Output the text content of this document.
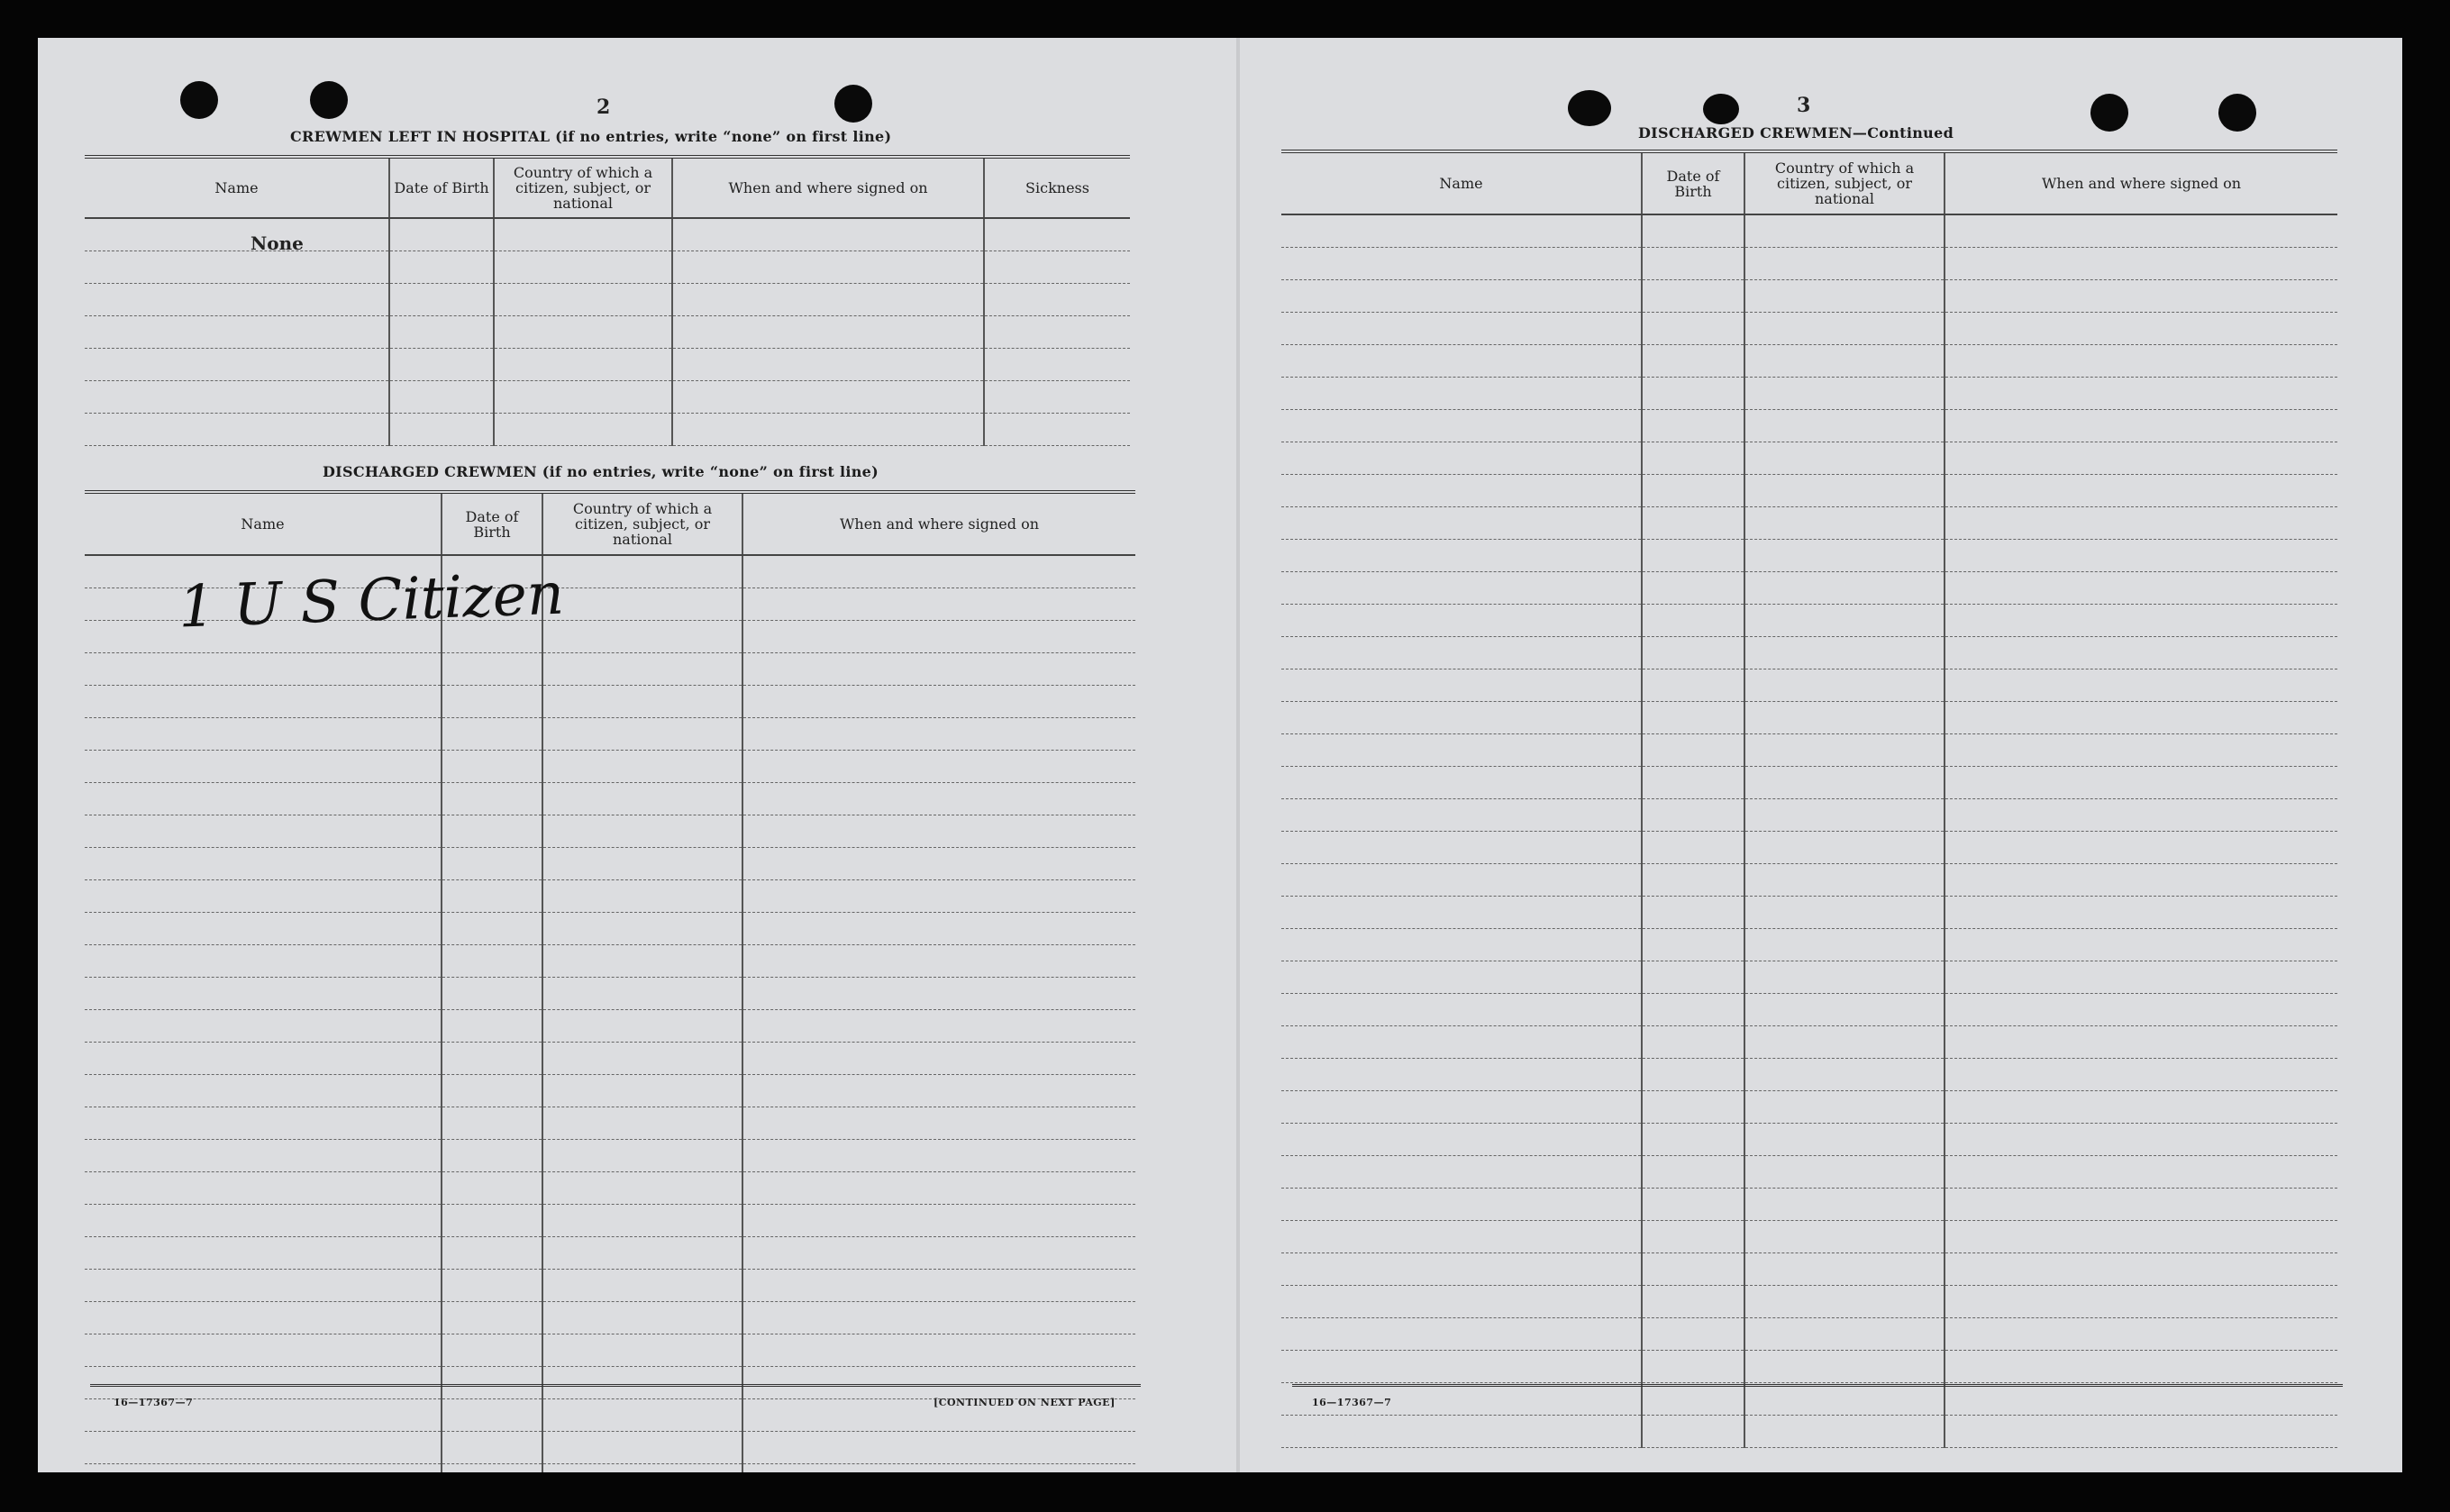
2
CREWMEN LEFT IN HOSPITAL (if no entries, write “none” on first line)
Name	Date of Birth	Country of which a citizen, subject, or national	When and where signed on	Sickness

None
DISCHARGED CREWMEN (if no entries, write “none” on first line)
Name	Date of Birth	Country of which a citizen, subject, or national	When and where signed on

1 U S Citizen
16—17367—7	[CONTINUED ON NEXT PAGE]
3
DISCHARGED CREWMEN—Continued
Name	Date of Birth	Country of which a citizen, subject, or national	When and where signed on

16—17367—7
